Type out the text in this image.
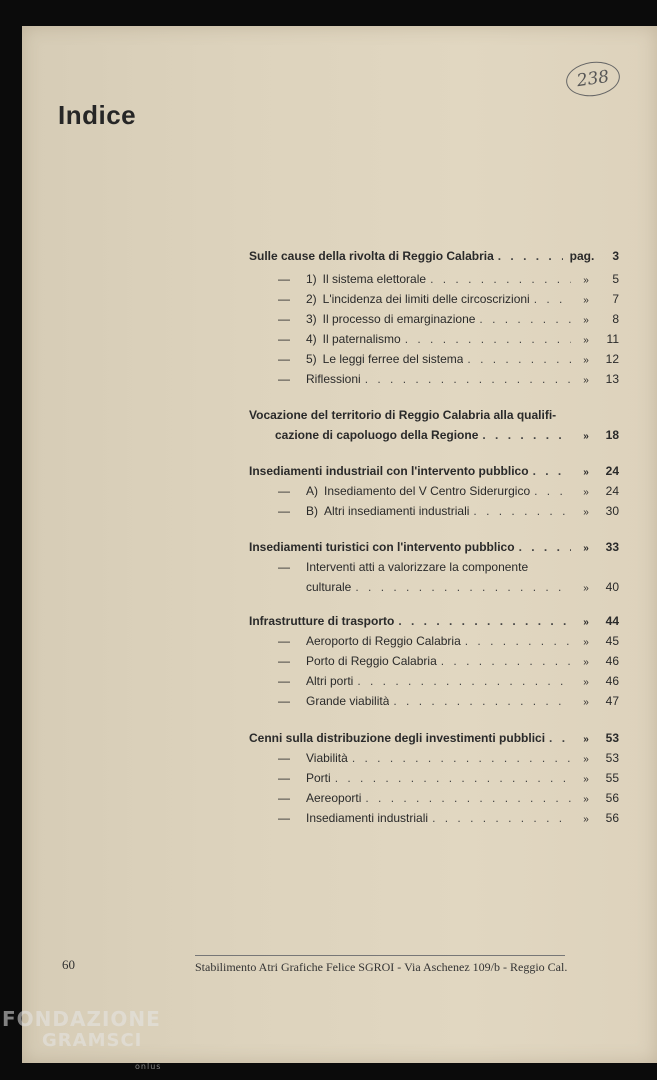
Indice
238
Sulle cause della rivolta di Reggio Calabria . . .	pag.	3
—	1) Il sistema elettorale . . .	»	5
—	2) L'incidenza dei limiti delle circoscrizioni . . .	»	7
—	3) Il processo di emarginazione . . .	»	8
—	4) Il paternalismo . . .	»	11
—	5) Le leggi ferree del sistema . . .	»	12
—	Riflessioni . . .	»	13
Vocazione del territorio di Reggio Calabria alla qualifi-
cazione di capoluogo della Regione . . .	»	18
Insediamenti industriail con l'intervento pubblico . . .	»	24
—	A) Insediamento del V Centro Siderurgico . . .	»	24
—	B) Altri insediamenti industriali . . .	»	30
Insediamenti turistici con l'intervento pubblico . . .	»	33
—	Interventi atti a valorizzare la componente
culturale . . .	»	40
Infrastrutture di trasporto . . .	»	44
—	Aeroporto di Reggio Calabria . . .	»	45
—	Porto di Reggio Calabria . . .	»	46
—	Altri porti . . .	»	46
—	Grande viabilità . . .	»	47
Cenni sulla distribuzione degli investimenti pubblici . . .	»	53
—	Viabilità . . .	»	53
—	Porti . . .	»	55
—	Aereoporti . . .	»	56
—	Insediamenti industriali . . .	»	56
60	Stabilimento Atri Grafiche Felice SGROI - Via Aschenez 109/b - Reggio Cal.
FONDAZIONE
GRAMSCI
onlus
